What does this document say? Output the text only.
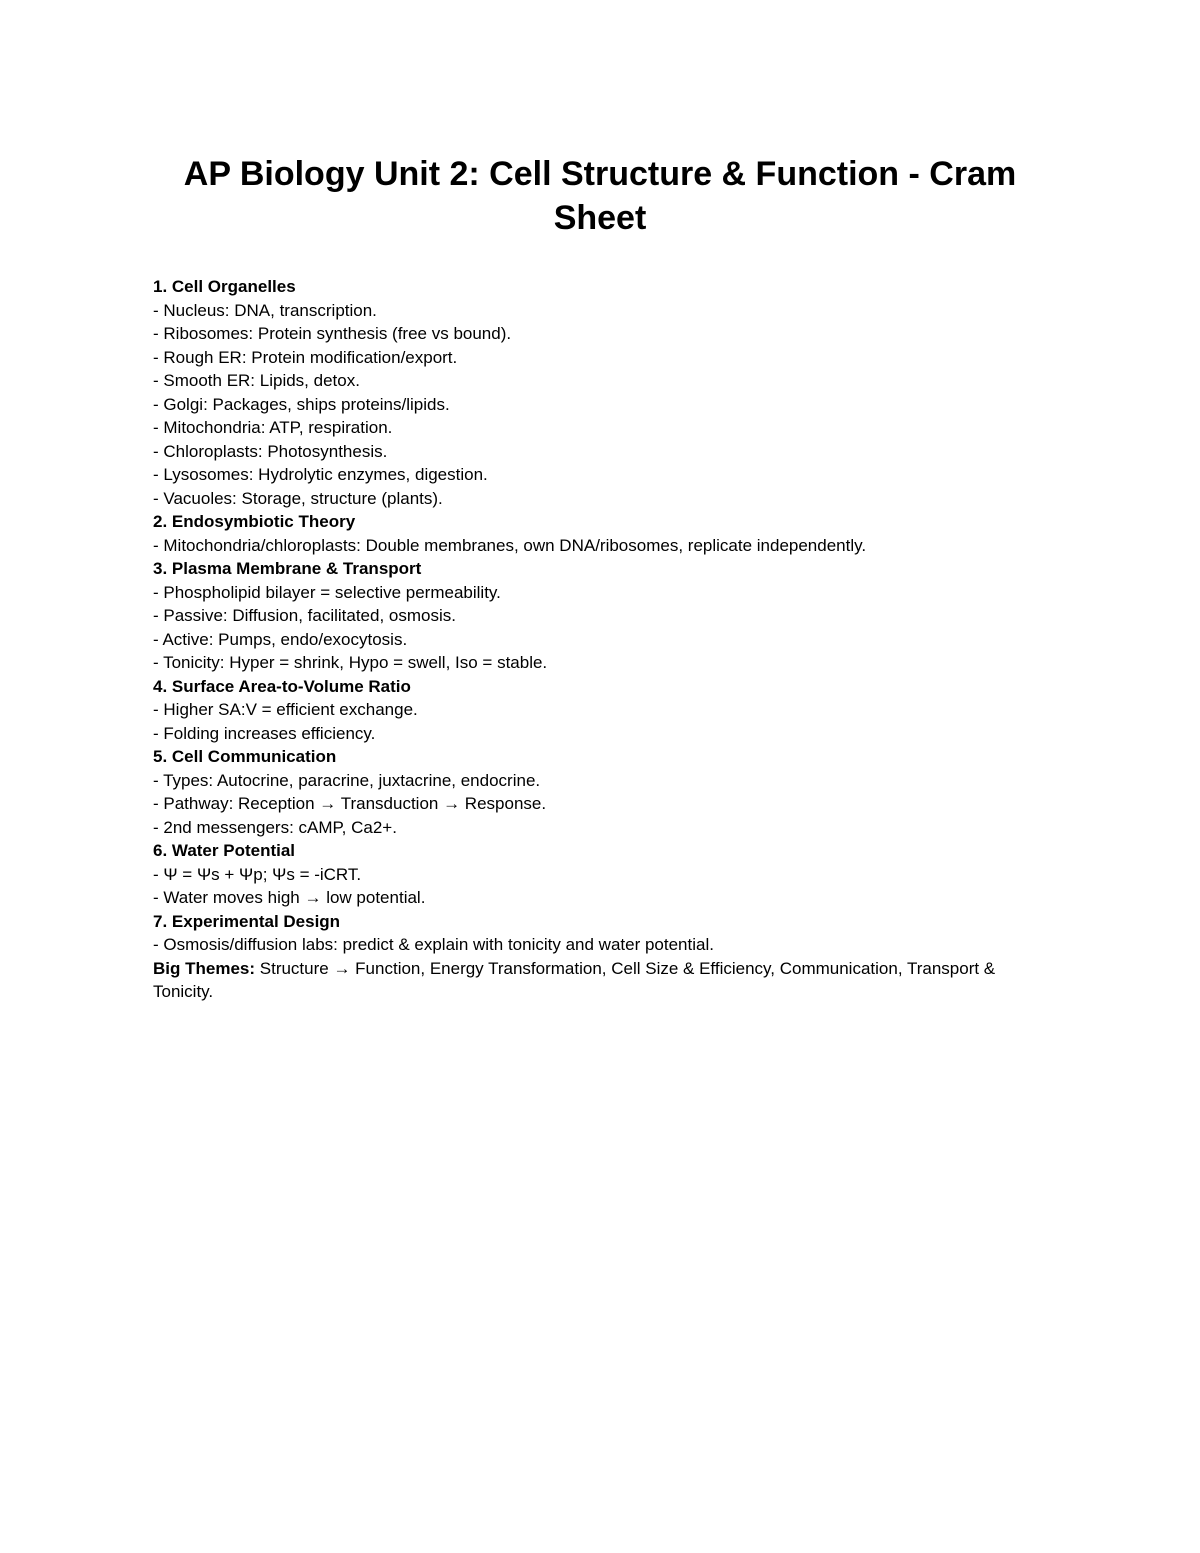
AP Biology Unit 2: Cell Structure & Function - Cram Sheet

1. Cell Organelles

- Nucleus: DNA, transcription.

- Ribosomes: Protein synthesis (free vs bound).

- Rough ER: Protein modification/export.

- Smooth ER: Lipids, detox.

- Golgi: Packages, ships proteins/lipids.

- Mitochondria: ATP, respiration.

- Chloroplasts: Photosynthesis.

- Lysosomes: Hydrolytic enzymes, digestion.

- Vacuoles: Storage, structure (plants).

2. Endosymbiotic Theory

- Mitochondria/chloroplasts: Double membranes, own DNA/ribosomes, replicate independently.

3. Plasma Membrane & Transport

- Phospholipid bilayer = selective permeability.

- Passive: Diffusion, facilitated, osmosis.

- Active: Pumps, endo/exocytosis.

- Tonicity: Hyper = shrink, Hypo = swell, Iso = stable.

4. Surface Area-to-Volume Ratio

- Higher SA:V = efficient exchange.

- Folding increases efficiency.

5. Cell Communication

- Types: Autocrine, paracrine, juxtacrine, endocrine.

- Pathway: Reception → Transduction → Response.

- 2nd messengers: cAMP, Ca2+.

6. Water Potential

- Ψ = Ψs + Ψp; Ψs = -iCRT.

- Water moves high → low potential.

7. Experimental Design

- Osmosis/diffusion labs: predict & explain with tonicity and water potential.

Big Themes: Structure → Function, Energy Transformation, Cell Size & Efficiency, Communication, Transport & Tonicity.
